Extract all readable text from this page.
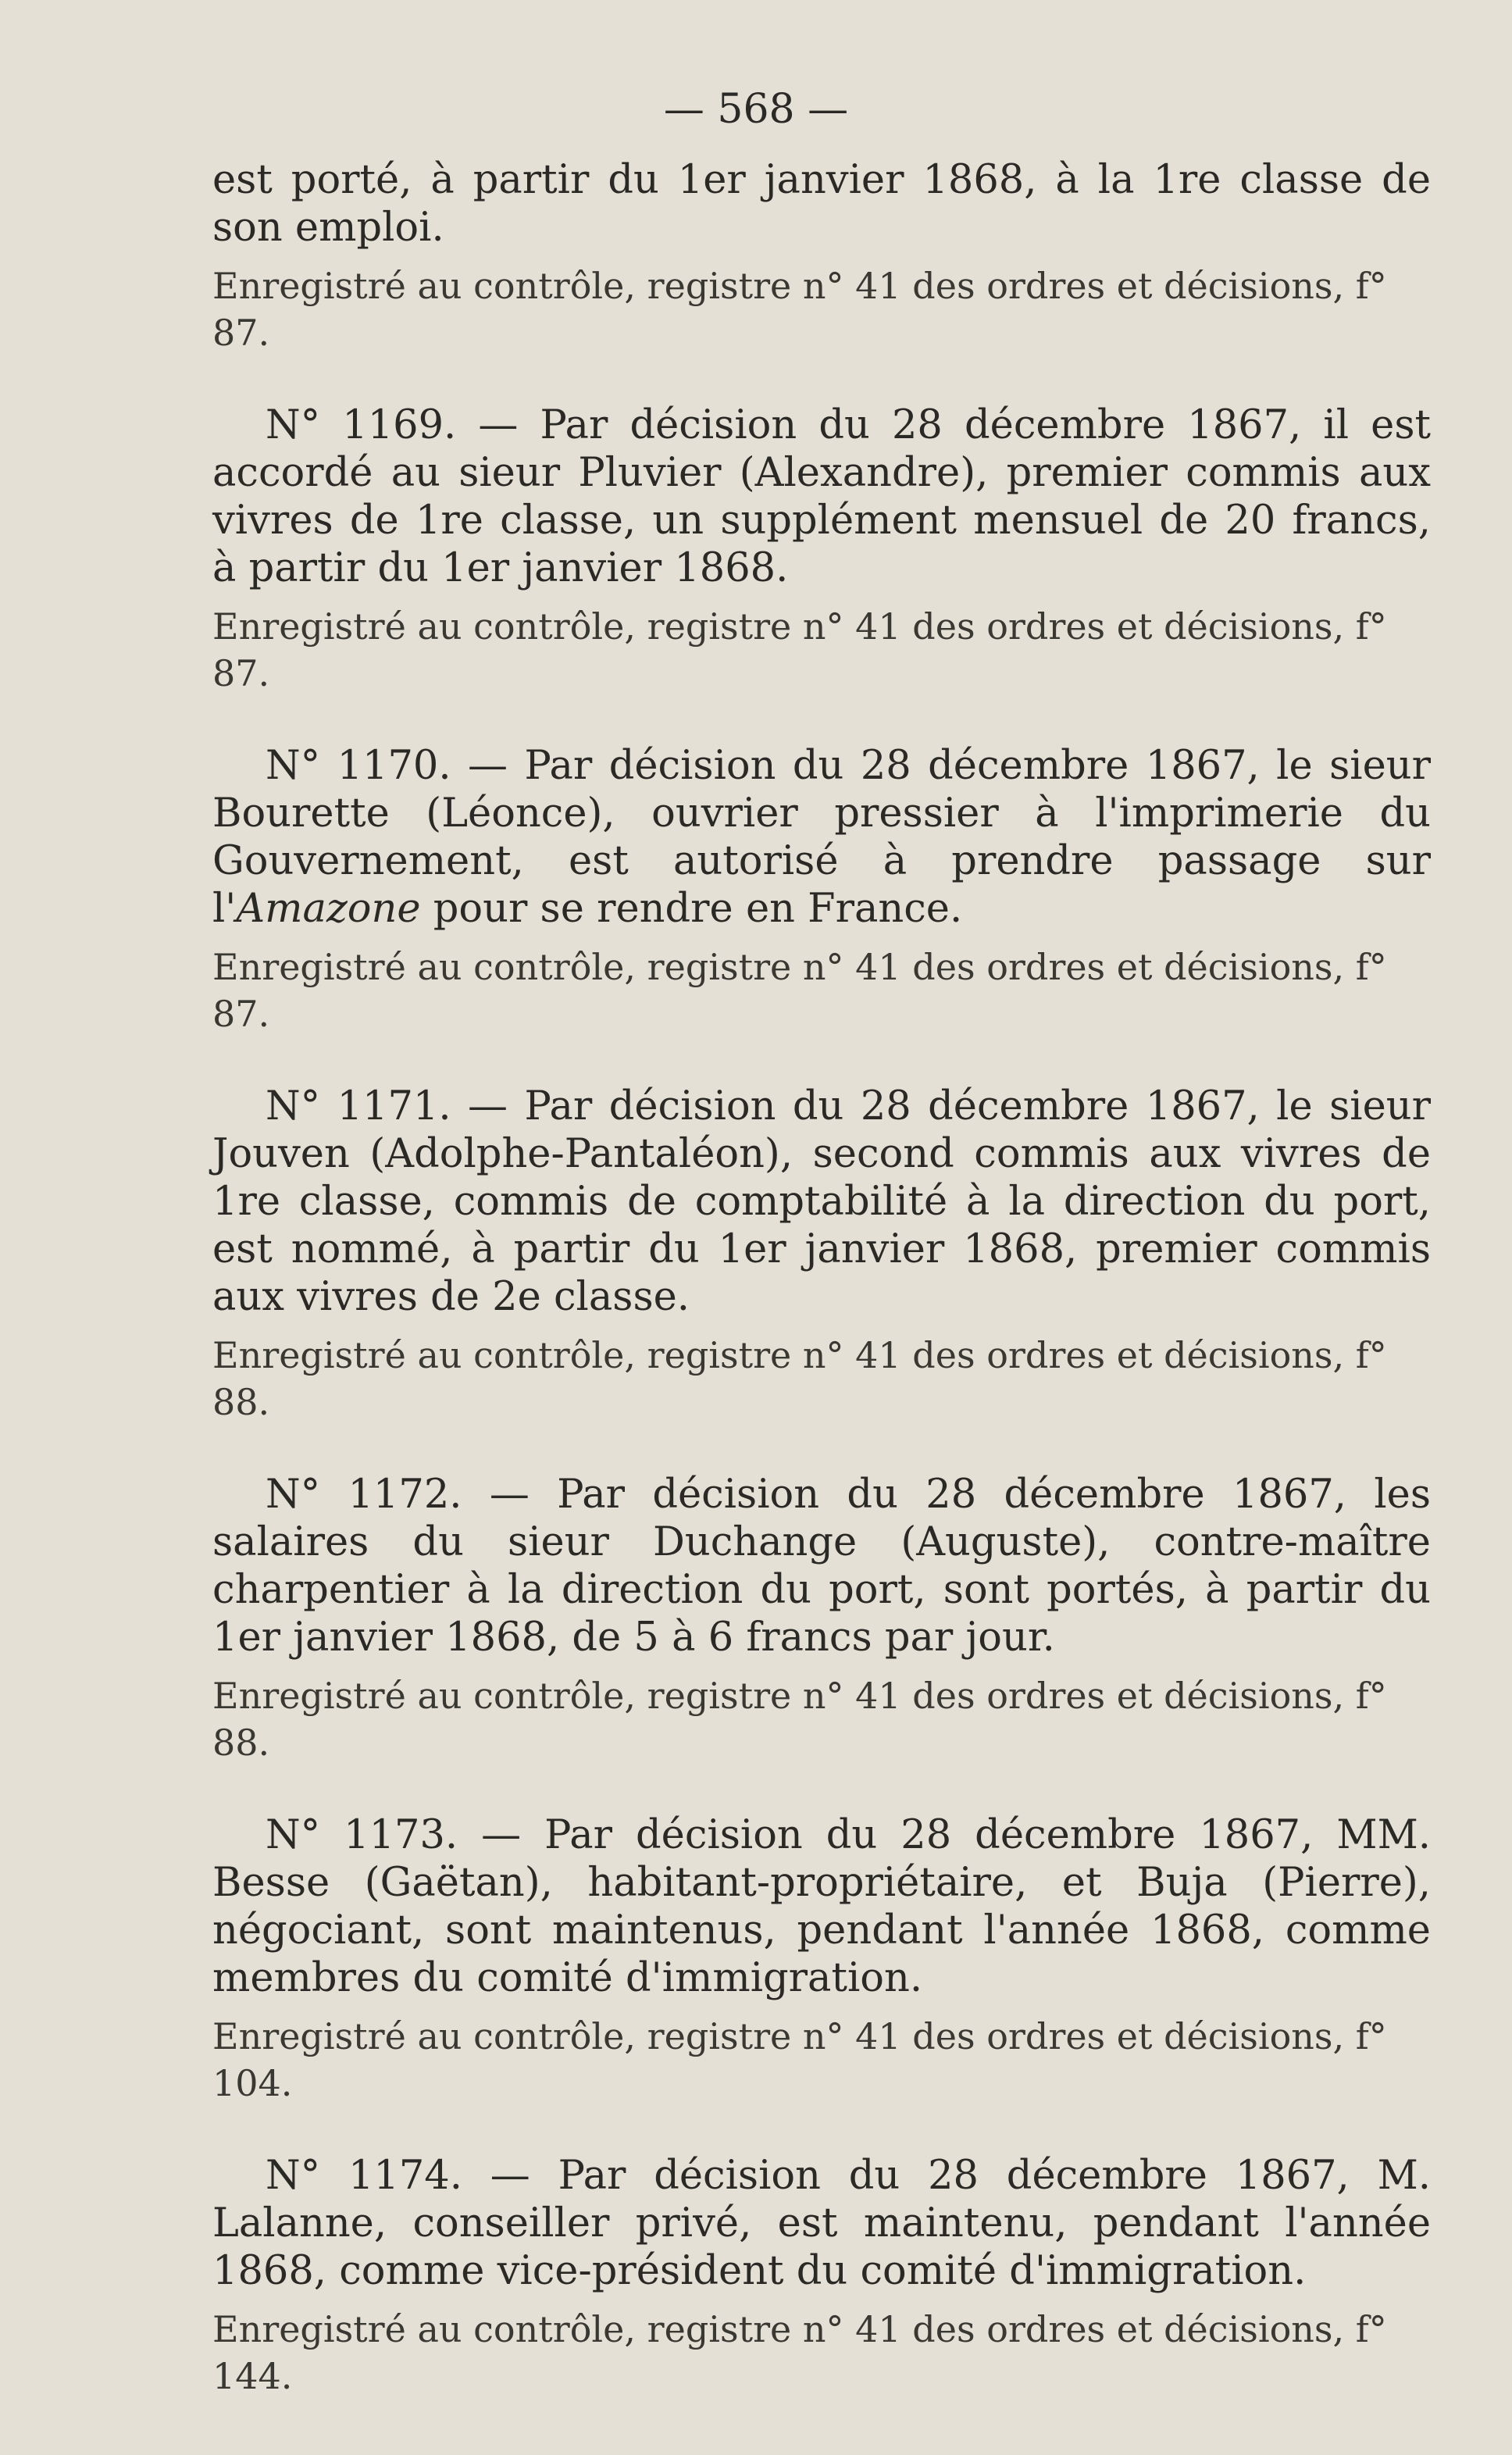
— 568 —

est porté, à partir du 1er janvier 1868, à la 1re classe de son emploi.

Enregistré au contrôle, registre n° 41 des ordres et décisions, f° 87.

N° 1169. — Par décision du 28 décembre 1867, il est accordé au sieur Pluvier (Alexandre), premier commis aux vivres de 1re classe, un supplément mensuel de 20 francs, à partir du 1er janvier 1868.

Enregistré au contrôle, registre n° 41 des ordres et décisions, f° 87.

N° 1170. — Par décision du 28 décembre 1867, le sieur Bourette (Léonce), ouvrier pressier à l'imprimerie du Gouvernement, est autorisé à prendre passage sur l'Amazone pour se rendre en France.

Enregistré au contrôle, registre n° 41 des ordres et décisions, f° 87.

N° 1171. — Par décision du 28 décembre 1867, le sieur Jouven (Adolphe-Pantaléon), second commis aux vivres de 1re classe, commis de comptabilité à la direction du port, est nommé, à partir du 1er janvier 1868, premier commis aux vivres de 2e classe.

Enregistré au contrôle, registre n° 41 des ordres et décisions, f° 88.

N° 1172. — Par décision du 28 décembre 1867, les salaires du sieur Duchange (Auguste), contre-maître charpentier à la direction du port, sont portés, à partir du 1er janvier 1868, de 5 à 6 francs par jour.

Enregistré au contrôle, registre n° 41 des ordres et décisions, f° 88.

N° 1173. — Par décision du 28 décembre 1867, MM. Besse (Gaëtan), habitant-propriétaire, et Buja (Pierre), négociant, sont maintenus, pendant l'année 1868, comme membres du comité d'immigration.

Enregistré au contrôle, registre n° 41 des ordres et décisions, f° 104.

N° 1174. — Par décision du 28 décembre 1867, M. Lalanne, conseiller privé, est maintenu, pendant l'année 1868, comme vice-président du comité d'immigration.

Enregistré au contrôle, registre n° 41 des ordres et décisions, f° 144.
